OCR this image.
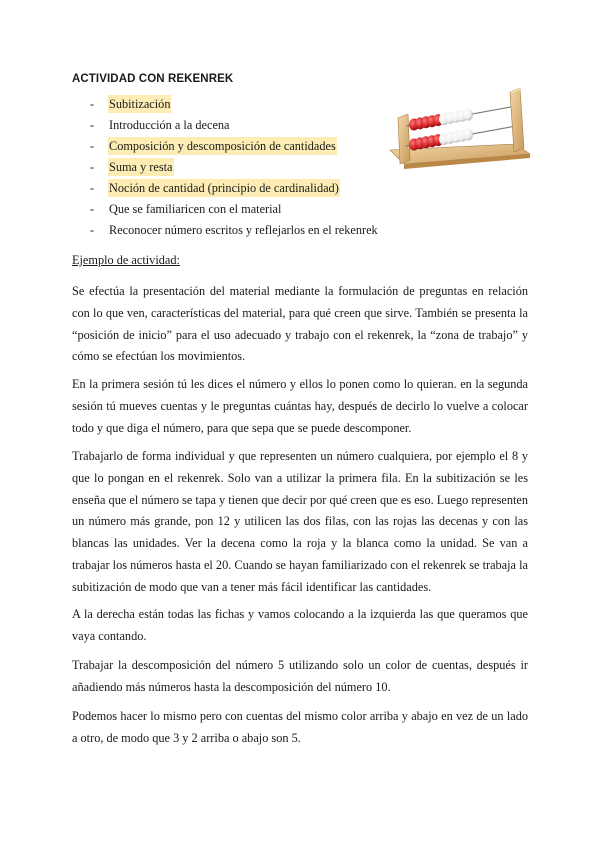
ACTIVIDAD CON REKENREK
- Subitización
- Introducción a la decena
- Composición y descomposición de cantidades
- Suma y resta
- Noción de cantidad (principio de cardinalidad)
- Que se familiaricen con el material
- Reconocer número escritos y reflejarlos en el rekenrek
Ejemplo de actividad:

Se efectúa la presentación del material mediante la formulación de preguntas en relación con lo que ven, características del material, para qué creen que sirve. También se presenta la “posición de inicio” para el uso adecuado y trabajo con el rekenrek, la “zona de trabajo” y cómo se efectúan los movimientos.

En la primera sesión tú les dices el número y ellos lo ponen como lo quieran. en la segunda sesión tú mueves cuentas y le preguntas cuántas hay, después de decirlo lo vuelve a colocar todo y que diga el número, para que sepa que se puede descomponer.

Trabajarlo de forma individual y que representen un número cualquiera, por ejemplo el 8 y que lo pongan en el rekenrek. Solo van a utilizar la primera fila. En la subitización se les enseña que el número se tapa y tienen que decir por qué creen que es eso. Luego representen un número más grande, pon 12 y utilicen las dos filas, con las rojas las decenas y con las blancas las unidades. Ver la decena como la roja y la blanca como la unidad. Se van a trabajar los números hasta el 20. Cuando se hayan familiarizado con el rekenrek se trabaja la subitización de modo que van a tener más fácil identificar las cantidades.

A la derecha están todas las fichas y vamos colocando a la izquierda las que queramos que vaya contando.

Trabajar la descomposición del número 5 utilizando solo un color de cuentas, después ir añadiendo más números hasta la descomposición del número 10.

Podemos hacer lo mismo pero con cuentas del mismo color arriba y abajo en vez de un lado a otro, de modo que 3 y 2 arriba o abajo son 5.
